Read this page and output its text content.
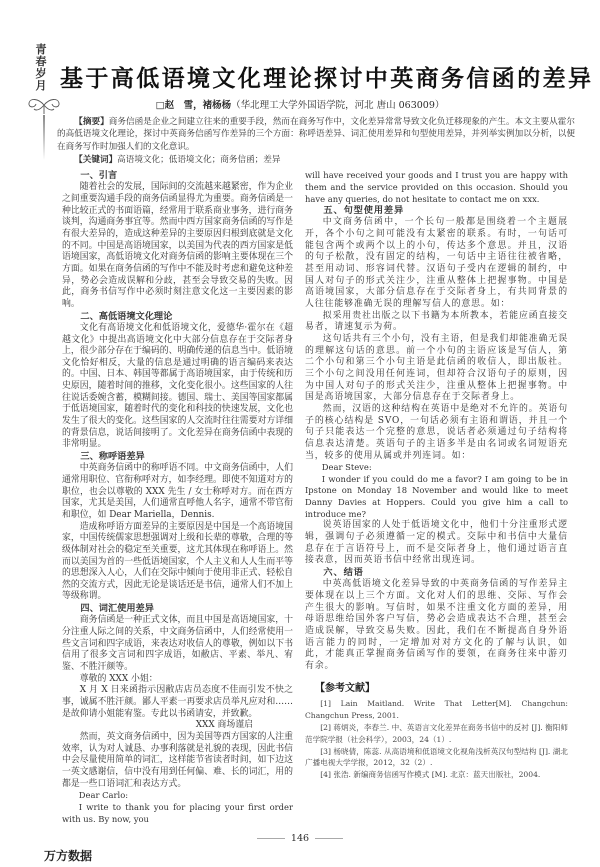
青春岁月 基于高低语境文化理论探讨中英商务信函的差异
□赵　雪，褚杨杨（华北理工大学外国语学院，河北 唐山 063009）
【摘要】商务信函是企业之间建立往来的重要手段，然而在商务写作中，文化差异常常导致文化负迁移现象的产生。本文主要从霍尔的高低语境文化理论，探讨中英商务信函写作差异的三个方面：称呼语差异、词汇使用差异和句型使用差异，并列举实例加以分析，以便在商务写作时加强人们的文化意识。
【关键词】高语境文化；低语境文化；商务信函；差异
一、引言

随着社会的发展，国际间的交流越来越紧密，作为企业之间重要沟通手段的商务信函显得尤为重要。商务信函是一种比较正式的书面语篇，经常用于联系商业事务，进行商务谈判，沟通商务事宜等。然而中西方国家商务信函的写作是有很大差异的，造成这种差异的主要原因归根到底就是文化的不同。中国是高语境国家，以美国为代表的西方国家是低语境国家，高低语境文化对商务信函的影响主要体现在三个方面。如果在商务信函的写作中不能及时考虑和避免这种差异，势必会造成误解和分歧，甚至会导致交易的失败。因此，商务书信写作中必须时刻注意文化这一主要因素的影响。

二、高低语境文化理论

文化有高语境文化和低语境文化，爱德华·霍尔在《超越文化》中提出高语境文化中大部分信息存在于交际者身上，很少部分存在于编码的、明确传递的信息当中。低语境文化恰好相反，大量的信息是通过明确的语言编码来表达的。中国、日本、韩国等都属于高语境国家，由于传统和历史原因，随着时间的推移，文化变化很小。这些国家的人往往说话委婉含蓄，模糊间接。德国、瑞士、美国等国家都属于低语境国家，随着时代的变化和科技的快速发展，文化也发生了很大的变化。这些国家的人交流时往往需要对方详细的背景信息，说话间接明了。文化差异在商务信函中表现的非常明显。

三、称呼语差异

中英商务信函中的称呼语不同。中文商务信函中，人们通常用职位、官衔称呼对方，如李经理。即使不知道对方的职位，也会以尊敬的 XXX 先生 / 女士称呼对方。而在西方国家，尤其是美国，人们通常直呼他人名字，通常不带官衔和职位，如 Dear Mariella，Dennis.

造成称呼语方面差异的主要原因是中国是一个高语境国家，中国传统儒家思想强调对上级和长辈的尊敬，合理的等级体制对社会的稳定至关重要，这尤其体现在称呼语上。然而以美国为首的一些低语境国家，个人主义和人人生而平等的思想深入人心，人们在交际中倾向于使用非正式、轻松自然的交流方式，因此无论是谈话还是书信，通常人们不加上等级称谓。

四、词汇使用差异

商务信函是一种正式文体，而且中国是高语境国家，十分注重人际之间的关系，中文商务信函中，人们经常使用一些文言词和四字成语，来表达对收信人的尊敬，例如以下书信用了很多文言词和四字成语，如敝店、平素、举凡、宥鉴、不胜汗颜等。

尊敬的 XXX 小姐：

X 月 X 日来函指示因敝店店员态度不佳而引发不快之事，诚属不胜汗颜。鄙人平素一再要求店员举凡应对和……是故仰请小姐能宥鉴。专此以书函请安，并致歉。

XXX 商场谨启

然而，英文商务信函中，因为美国等西方国家的人注重效率，认为对人诚恳、办事利落就是礼貌的表现，因此书信中会尽量使用简单的词汇，这样能节省读者时间，如下边这一英文感谢信，信中没有用到任何偏、难、长的词汇，用的都是一些口语词汇和表达方式。

Dear Carlo:

I write to thank you for placing your first order with us. By now, you

will have received your goods and I trust you are happy with them and the service provided on this occasion. Should you have any queries, do not hesitate to contact me on xxx.

五、句型使用差异

中文商务信函中，一个长句一般都是围绕着一个主题展开，各个小句之间可能没有太紧密的联系。有时，一句话可能包含两个或两个以上的小句，传达多个意思。并且，汉语的句子松散，没有固定的结构，一句话中主语往往被省略，甚至用动词、形容词代替。汉语句子受内在逻辑的制约，中国人对句子的形式关注少，注重从整体上把握事物。中国是高语境国家，大部分信息存在于交际者身上，有共同背景的人往往能够准确无误的理解写信人的意思。如：

拟采用贵社出版之以下书籍为本所教本，若能应函直接交易者，请速复示为荷。

这句话共有三个小句，没有主语，但是我们却能准确无误的理解这句话的意思。前一个小句的主语应该是写信人，第二个小句和第三个小句主语是此信函的收信人，即出版社。三个小句之间没用任何连词，但却符合汉语句子的原则，因为中国人对句子的形式关注少，注重从整体上把握事物。中国是高语境国家，大部分信息存在于交际者身上。

然而，汉语的这种结构在英语中是绝对不允许的。英语句子的核心结构是 SVO，一句话必须有主语和谓语，并且一个句子只能表达一个完整的意思，说话者必须通过句子结构将信息表达清楚。英语句子的主语多半是由名词或名词短语充当，较多的使用从属或并列连词。如：

Dear Steve:

I wonder if you could do me a favor? I am going to be in Ipstone on Monday 18 November and would like to meet Danny Davies at Hoppers. Could you give him a call to introduce me?

说英语国家的人处于低语境文化中，他们十分注重形式逻辑，强调句子必须遵循一定的模式。交际中和书信中大量信息存在于言语符号上，而不是交际者身上，他们通过语言直接表意，因而英语书信中经常出现连词。

六、结语

中英高低语境文化差异导致的中英商务信函的写作差异主要体现在以上三个方面。文化对人们的思维、交际、写作会产生很大的影响。写信时，如果不注重文化方面的差异，用母语思维给国外客户写信，势必会造成表达不合理，甚至会造成误解，导致交易失败。因此，我们在不断提高自身外语语言能力的同时，一定增加对对方文化的了解与认识，如此，才能真正掌握商务信函写作的要领，在商务往来中游刃有余。

【参考文献】

[1] Lain Maitland. Write That Letter[M]. Changchun: Changchun Press, 2001.

[2] 蒋炳炎，李春兰. 中、英语言文化差异在商务书信中的反衬 [J]. 衡阳师范学院学报（社会科学），2003，24（1）.

[3] 杨晓倩，陈蕊. 从高语境和低语境文化视角浅析英汉句型结构 [J]. 湖北广播电视大学学报，2012，32（2）.

[4] 张浩. 新编商务信函写作模式 [M]. 北京：蓝天出版社，2004.

146
万方数据
